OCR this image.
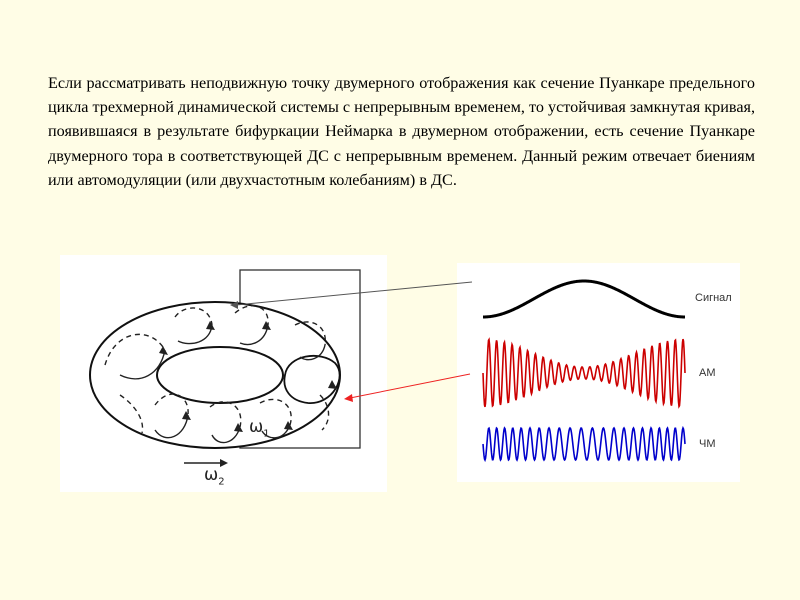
Если рассматривать неподвижную точку двумерного отображения как сечение Пуанкаре предельного цикла трехмерной динамической системы с непрерывным временем, то устойчивая замкнутая кривая, появившаяся в результате бифуркации Неймарка в двумерном отображении, есть сечение Пуанкаре двумерного тора в соответствующей ДС с непрерывным временем. Данный режим отвечает биениям или автомодуляции (или двухчастотным колебаниям) в ДС.

$\omega_1$
$\omega_2$
Сигнал
АМ
ЧМ
